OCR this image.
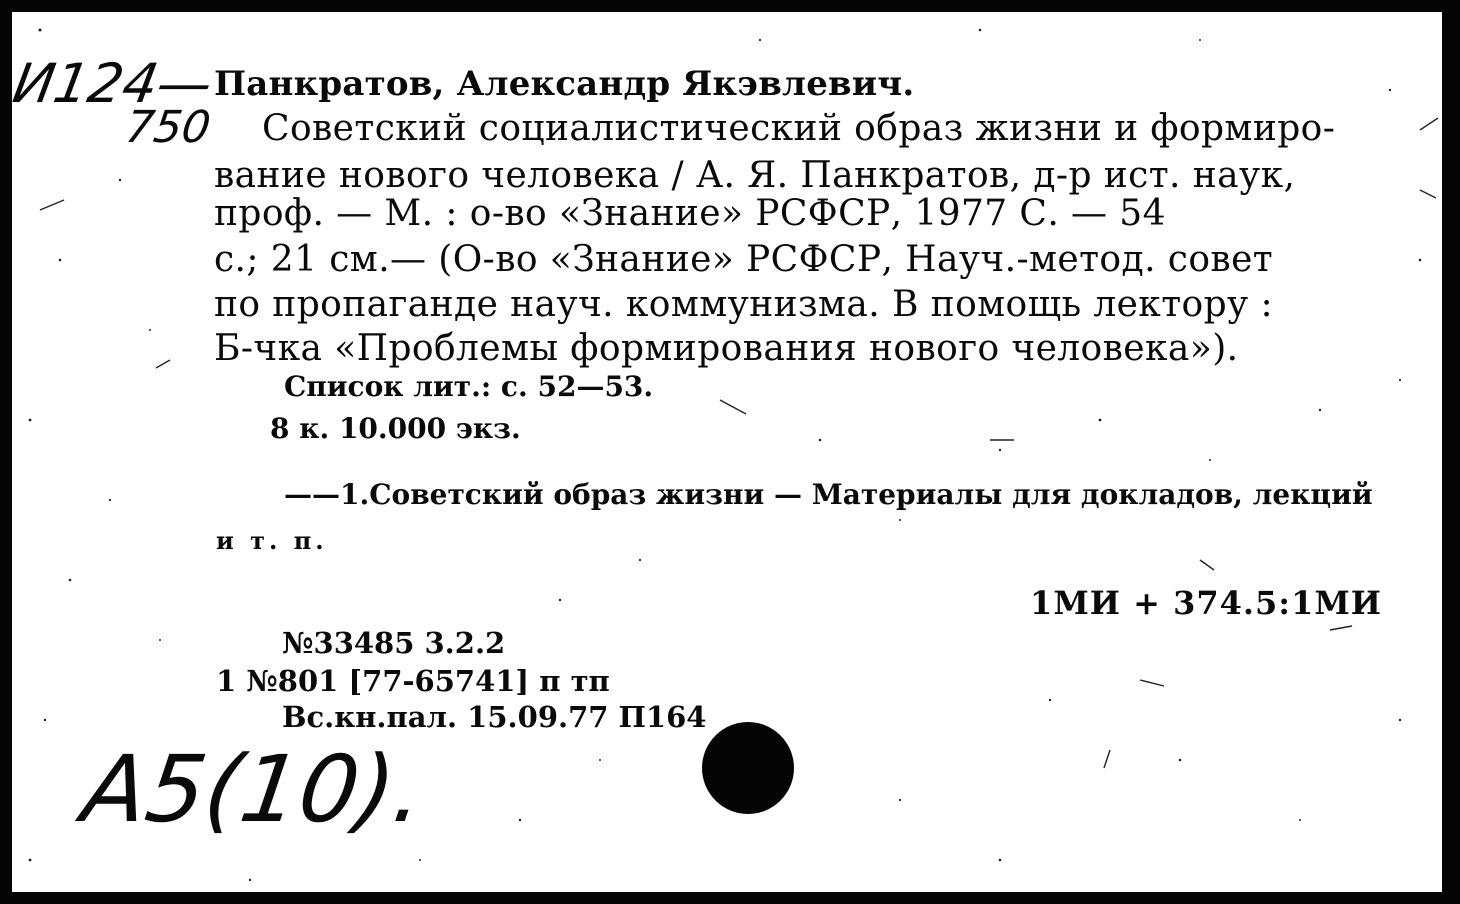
И124—
750
Панкратов, Александр Якэвлевич.
Советский социалистический образ жизни и формиро-
вание нового человека / А. Я. Панкратов, д-р ист. наук,
проф. — М. : о-во «Знание» РСФСР, 1977 С. — 54
с.; 21 см.— (О-во «Знание» РСФСР, Науч.-метод. совет
по пропаганде науч. коммунизма. В помощь лектору :
Б-чка «Проблемы формирования нового человека»).
Список лит.: с. 52—53.
8 к. 10.000 экз.
——1.Советский образ жизни — Материалы для докладов, лекций
и т. п.
1МИ + 374.5:1МИ
№33485 3.2.2
1 №801 [77-65741] п тп
Вс.кн.пал. 15.09.77 П164
А5(10).
